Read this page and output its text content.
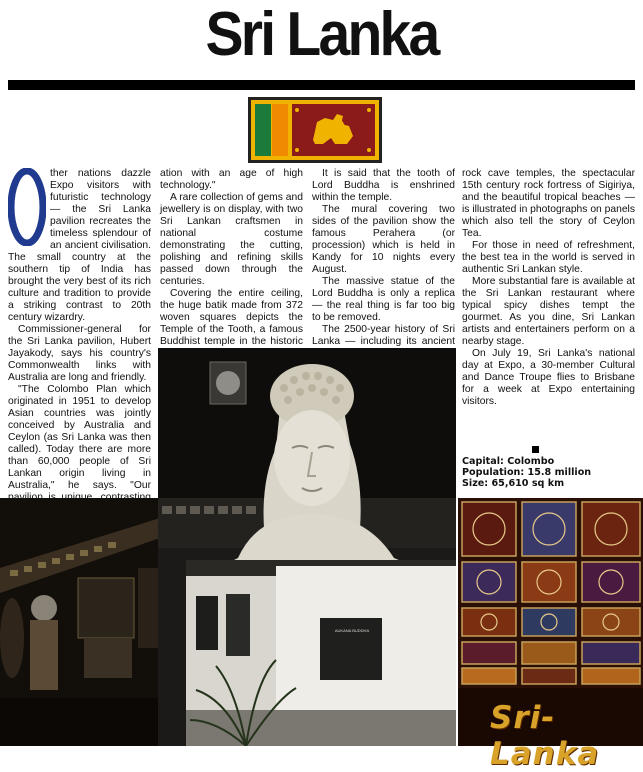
Sri Lanka

ther nations dazzle Expo visitors with futuristic technology — the Sri Lanka pavilion recreates the timeless splendour of an ancient civilisation. The small country at the southern tip of India has brought the very best of its rich culture and tradition to provide a striking contrast to 20th century wizardry.

Commissioner-general for the Sri Lanka pavilion, Hubert Jayakody, says his country's Commonwealth links with Australia are long and friendly.

"The Colombo Plan which originated in 1951 to develop Asian countries was jointly conceived by Australia and Ceylon (as Sri Lanka was then called). Today there are more than 60,000 people of Sri Lankan origin living in Australia," he says. "Our

ation with an age of high technology."

A rare collection of gems and jewellery is on display, with two Sri Lankan craftsmen in national costume demonstrating the cutting, polishing and refining skills passed down through the centuries.

Covering the entire ceiling, the huge batik made from 372 woven squares depicts the Temple of the Tooth, a famous Buddhist temple in the historic

It is said that the tooth of Lord Buddha is enshrined within the temple.

The mural covering two sides of the pavilion show the famous Perahera (or procession) which is held in Kandy for 10 nights every August.

The massive statue of the Lord Buddha is only a replica — the real thing is far too big to be removed.

The 2500-year history of Sri Lanka — including its ancient

rock cave temples, the spectacular 15th century rock fortress of Sigiriya, and the beautiful tropical beaches — is illustrated in photographs on panels which also tell the story of Ceylon Tea.

For those in need of refreshment, the best tea in the world is served in authentic Sri Lankan style.

More substantial fare is available at the Sri Lankan restaurant where typical spicy dishes tempt the gourmet. As you dine, Sri Lankan artists and entertainers perform on a nearby stage.

On July 19, Sri Lanka's national day at Expo, a 30-member Cultural and Dance Troupe flies to Brisbane for a week at Expo entertaining visitors.

Capital: Colombo
Population: 15.8 million
Size: 65,610 sq km
AUKANA BUDDHA
Sri-Lanka
